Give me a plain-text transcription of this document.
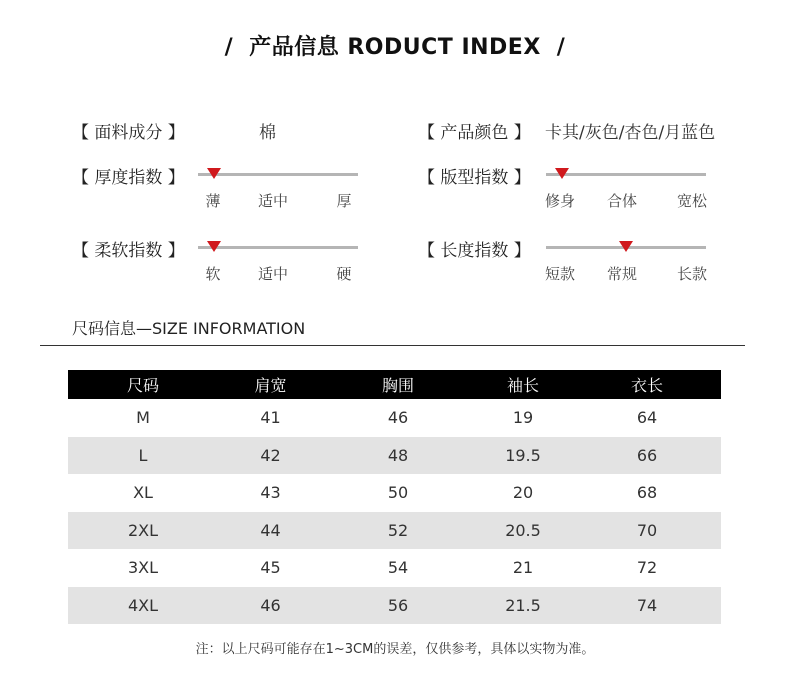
/ 产品信息 RODUCT INDEX /
【 面料成分 】	棉	【 产品颜色 】 卡其/灰色/杏色/月蓝色
【 厚度指数 】
薄	适中	厚
【 版型指数 】
修身	合体	宽松
【 柔软指数 】
软	适中	硬
【 长度指数 】
短款	常规	长款
尺码信息—SIZE INFORMATION
尺码	肩宽	胸围	袖长	衣长
M	41	46	19	64
L	42	48	19.5	66
XL	43	50	20	68
2XL	44	52	20.5	70
3XL	45	54	21	72
4XL	46	56	21.5	74
注：以上尺码可能存在1~3CM的误差，仅供参考，具体以实物为准。
